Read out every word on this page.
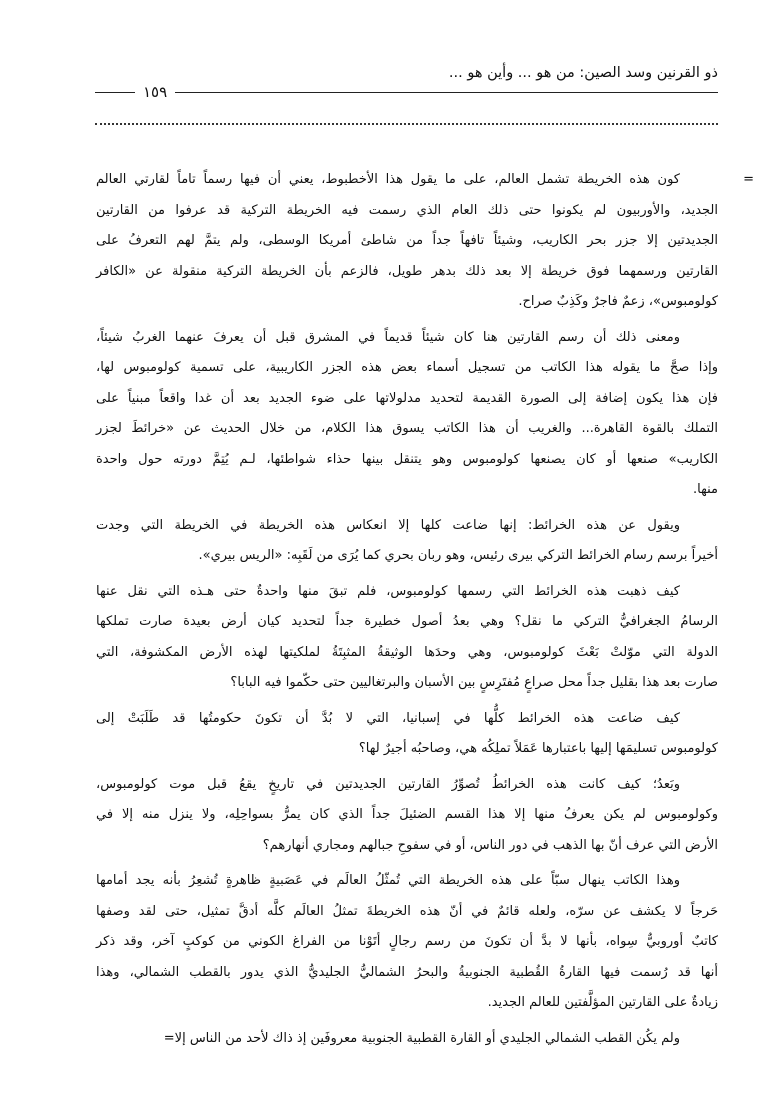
ذو القرنين وسد الصين: من هو ... وأين هو ...
١٥٩
=
كون هذه الخريطة تشمل العالم، على ما يقول هذا الأخطبوط، يعني أن فيها رسماً تاماً لقارتي العالم
الجديد، والأوربيون لم يكونوا حتى ذلك العام الذي رسمت فيه الخريطة التركية قد عرفوا من القارتين
الجديدتين إلا جزر بحر الكاريب، وشيئاً تافهاً جداً من شاطئ أمريكا الوسطى، ولم يتمَّ لهم التعرفُ على
القارتين ورسمهما فوق خريطة إلا بعد ذلك بدهر طويل، فالزعم بأن الخريطة التركية منقولة عن «الكافر
كولومبوس»، زعمٌ فاجرٌ وكَذِبٌ صراح.
ومعنى ذلك أن رسم القارتين هنا كان شيئاً قديماً في المشرق قبل أن يعرفَ عنهما الغربُ شيئاً،
وإذا صحَّ ما يقوله هذا الكاتب من تسجيل أسماء بعض هذه الجزر الكاريبية، على تسمية كولومبوس لها،
فإن هذا يكون إضافة إلى الصورة القديمة لتحديد مدلولاتها على ضوء الجديد بعد أن غدا واقعاً مبنياً على
التملك بالقوة القاهرة... والغريب أن هذا الكاتب يسوق هذا الكلام، من خلال الحديث عن «خرائطَ لجزر
الكاريب» صنعها أو كان يصنعها كولومبوس وهو يتنقل بينها حذاء شواطئها، لـم يُتِمَّ دورته حول واحدة
منها.
ويقول عن هذه الخرائط: إنها ضاعت كلها إلا انعكاس هذه الخريطة في الخريطة التي وجدت
أخيراً برسم رسام الخرائط التركي بيرى رئيس، وهو ربان بحري كما يُرَى من لَقَبِه: «الريس بيري».
كيف ذهبت هذه الخرائط التي رسمها كولومبوس، فلم تبقَ منها واحدةٌ حتى هـذه التي نقل عنها
الرسامُ الجغرافيُّ التركي ما نقل؟ وهي بعدُ أصول خطيرة جداً لتحديد كيان أرض بعيدة صارت تملكها
الدولة التي موّلتْ بَعْثَ كولومبوس، وهي وحدَها الوثيقةُ المثبِتَةُ لملكيتها لهذه الأرض المكشوفة، التي
صارت بعد هذا بقليل جداً محل صراعٍ مُفتَرِسٍ بين الأسبان والبرتغاليين حتى حكّموا فيه البابا؟
كيف ضاعت هذه الخرائط كلُّها في إسبانيا، التي لا بُدَّ أن تكونَ حكومتُها قد طَلَبَتْ إلى
كولومبوس تسليمَها إليها باعتبارها عَمَلاً تملِكُه هي، وصاحبُه أجيرٌ لها؟
وبَعدُ؛ كيف كانت هذه الخرائطُ تُصوِّرُ القارتين الجديدتين في تاريخٍ يقعُ قبل موت كولومبوس،
وكولومبوس لم يكن يعرفُ منها إلا هذا القسم الضئيلَ جداً الذي كان يمرُّ بسواحِلِه، ولا ينزل منه إلا في
الأرض التي عرف أنّ بها الذهب في دور الناس، أو في سفوحِ جبالهم ومجاري أنهارهم؟
وهذا الكاتب ينهال سبّاً على هذه الخريطة التي تُمثّلُ العالَم في عَصَبيةٍ ظاهرةٍ تُشعِرُ بأنه يجد أمامها
حَرجاً لا يكشف عن سرّه، ولعله قائمٌ في أنّ هذه الخريطةَ تمثلُ العالَم كلَّه أدقَّ تمثيل، حتى لقد وصفها
كاتبٌ أوروبيٌّ سِواه، بأنها لا بدَّ أن تكونَ من رسم رجالٍ أتَوْنا من الفراغ الكوني من كوكبٍ آخر، وقد ذكر
أنها قد رُسمت فيها القارةُ القُطبية الجنوبيةُ والبحرُ الشماليُّ الجليديُّ الذي يدور بالقطب الشمالي، وهذا
زيادةٌ على القارتين المؤلَّفتين للعالم الجديد.
ولم يكُن القطب الشمالي الجليدي أو القارة القطبية الجنوبية معروفَين إذ ذاك لأحد من الناس إلا=
